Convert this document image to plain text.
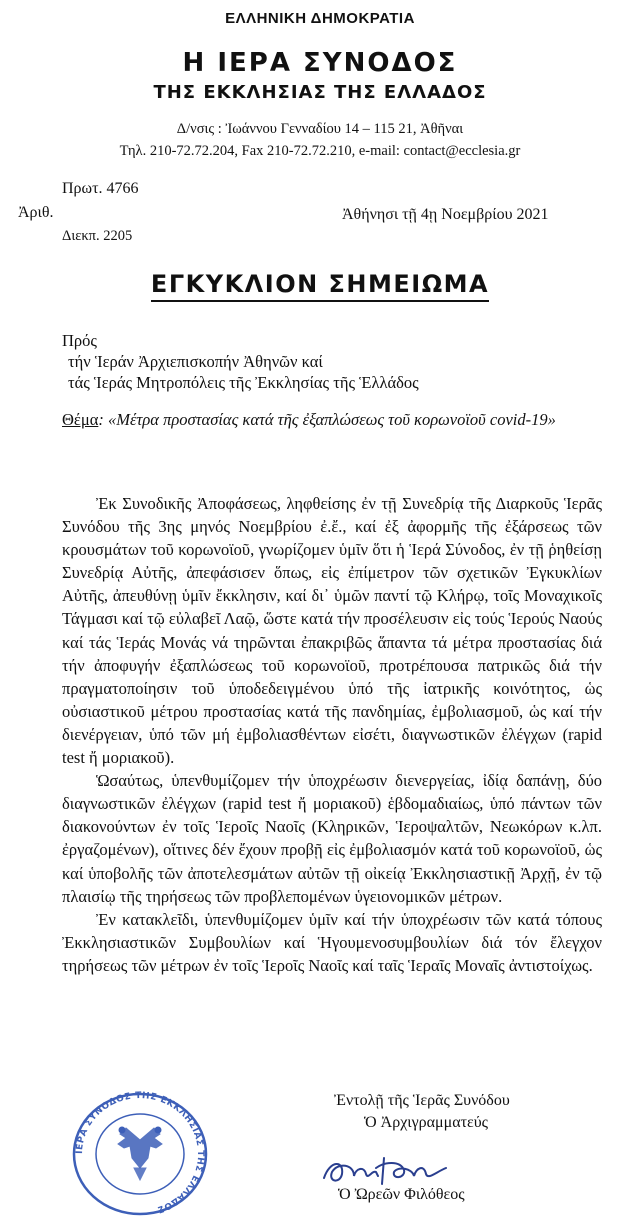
ΕΛΛΗΝΙΚΗ ΔΗΜΟΚΡΑΤΙΑ
Η ΙΕΡΑ ΣΥΝΟΔΟΣ
ΤΗΣ ΕΚΚΛΗΣΙΑΣ ΤΗΣ ΕΛΛΑΔΟΣ
Δ/νσις : Ἰωάννου Γενναδίου 14 – 115 21, Ἀθῆναι
Τηλ. 210-72.72.204, Fax 210-72.72.210, e-mail: contact@ecclesia.gr
Πρωτ. 4766
Ἀριθ.
Διεκπ. 2205
Ἀθήνησι τῇ 4ῃ Νοεμβρίου 2021
ΕΓΚΥΚΛΙΟΝ ΣΗΜΕΙΩΜΑ
Πρός
τήν Ἱεράν Ἀρχιεπισκοπήν Ἀθηνῶν καί
τάς Ἱεράς Μητροπόλεις τῆς Ἐκκλησίας τῆς Ἑλλάδος
Θέμα: «Μέτρα προστασίας κατά τῆς ἐξαπλώσεως τοῦ κορωνοϊοῦ covid-19»

Ἐκ Συνοδικῆς Ἀποφάσεως, ληφθείσης ἐν τῇ Συνεδρίᾳ τῆς Διαρκοῦς Ἱερᾶς Συνόδου τῆς 3ης μηνός Νοεμβρίου ἐ.ἔ., καί ἐξ ἀφορμῆς τῆς ἐξάρσεως τῶν κρουσμάτων τοῦ κορωνοϊοῦ, γνωρίζομεν ὑμῖν ὅτι ἡ Ἱερά Σύνοδος, ἐν τῇ ῥηθείσῃ Συνεδρίᾳ Αὐτῆς, ἀπεφάσισεν ὅπως, εἰς ἐπίμετρον τῶν σχετικῶν Ἐγκυκλίων Αὐτῆς, ἀπευθύνῃ ὑμῖν ἔκκλησιν, καί δι᾽ ὑμῶν παντί τῷ Κλήρῳ, τοῖς Μοναχικοῖς Τάγμασι καί τῷ εὐλαβεῖ Λαῷ, ὥστε κατά τήν προσέλευσιν εἰς τούς Ἱερούς Ναούς καί τάς Ἱεράς Μονάς νά τηρῶνται ἐπακριβῶς ἅπαντα τά μέτρα προστασίας διά τήν ἀποφυγήν ἐξαπλώσεως τοῦ κορωνοϊοῦ, προτρέπουσα πατρικῶς διά τήν πραγματοποίησιν τοῦ ὑποδεδειγμένου ὑπό τῆς ἰατρικῆς κοινότητος, ὡς οὐσιαστικοῦ μέτρου προστασίας κατά τῆς πανδημίας, ἐμβολιασμοῦ, ὡς καί τήν διενέργειαν, ὑπό τῶν μή ἐμβολιασθέντων εἰσέτι, διαγνωστικῶν ἐλέγχων (rapid test ἤ μοριακοῦ).

Ὡσαύτως, ὑπενθυμίζομεν τήν ὑποχρέωσιν διενεργείας, ἰδίᾳ δαπάνῃ, δύο διαγνωστικῶν ἐλέγχων (rapid test ἤ μοριακοῦ) ἑβδομαδιαίως, ὑπό πάντων τῶν διακονούντων ἐν τοῖς Ἱεροῖς Ναοῖς (Κληρικῶν, Ἱεροψαλτῶν, Νεωκόρων κ.λπ. ἐργαζομένων), οἵτινες δέν ἔχουν προβῇ εἰς ἐμβολιασμόν κατά τοῦ κορωνοϊοῦ, ὡς καί ὑποβολῆς τῶν ἀποτελεσμάτων αὐτῶν τῇ οἰκείᾳ Ἐκκλησιαστικῇ Ἀρχῇ, ἐν τῷ πλαισίῳ τῆς τηρήσεως τῶν προβλεπομένων ὑγειονομικῶν μέτρων.

Ἐν κατακλεῖδι, ὑπενθυμίζομεν ὑμῖν καί τήν ὑποχρέωσιν τῶν κατά τόπους Ἐκκλησιαστικῶν Συμβουλίων καί Ἡγουμενοσυμβουλίων διά τόν ἔλεγχον τηρήσεως τῶν μέτρων ἐν τοῖς Ἱεροῖς Ναοῖς καί ταῖς Ἱεραῖς Μοναῖς ἀντιστοίχως.

Ἐντολῇ τῆς Ἱερᾶς Συνόδου
Ὁ Ἀρχιγραμματεύς
ΙΕΡΑ ΣΥΝΟΔΟΣ ΤΗΣ ΕΚΚΛΗΣΙΑΣ ΤΗΣ ΕΛΛΑΔΟΣ
Ὁ Ὠρεῶν Φιλόθεος
